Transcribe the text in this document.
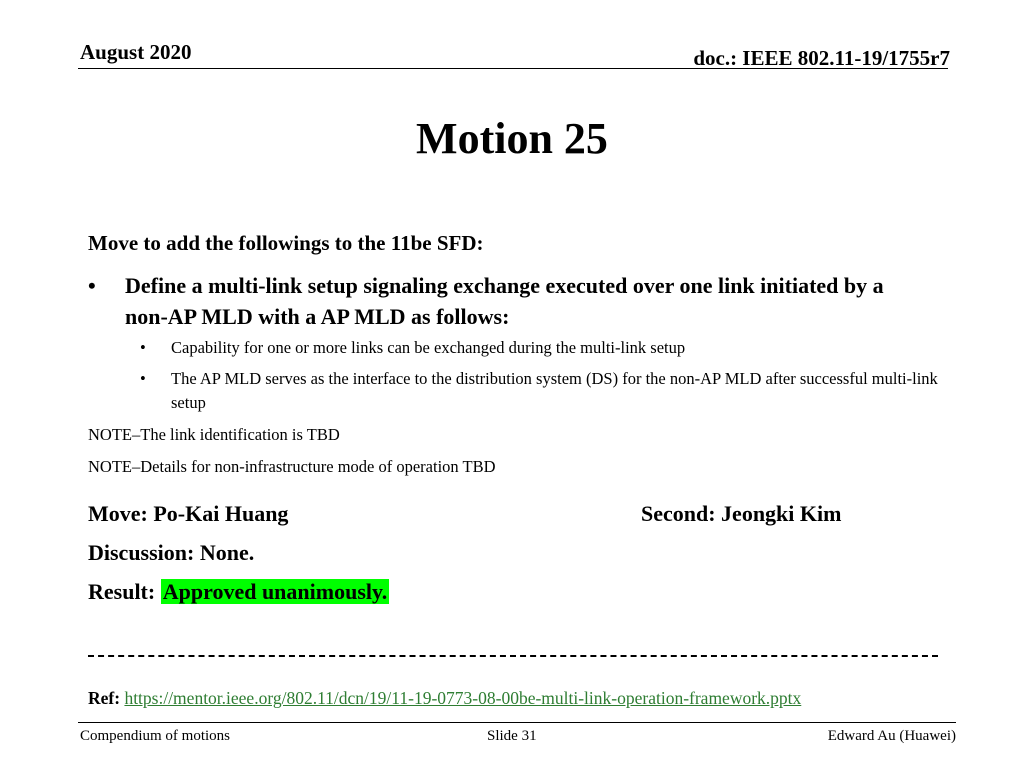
August 2020	doc.: IEEE 802.11-19/1755r7
Motion 25
Move to add the followings to the 11be SFD:
• Define a multi-link setup signaling exchange executed over one link initiated by a non-AP MLD with a AP MLD as follows:
• Capability for one or more links can be exchanged during the multi-link setup
• The AP MLD serves as the interface to the distribution system (DS) for the non-AP MLD after successful multi-link setup
NOTE–The link identification is TBD
NOTE–Details for non-infrastructure mode of operation TBD
Move: Po-Kai Huang	Second: Jeongki Kim
Discussion: None.
Result: Approved unanimously.
Ref: https://mentor.ieee.org/802.11/dcn/19/11-19-0773-08-00be-multi-link-operation-framework.pptx
Compendium of motions	Slide 31	Edward Au (Huawei)
